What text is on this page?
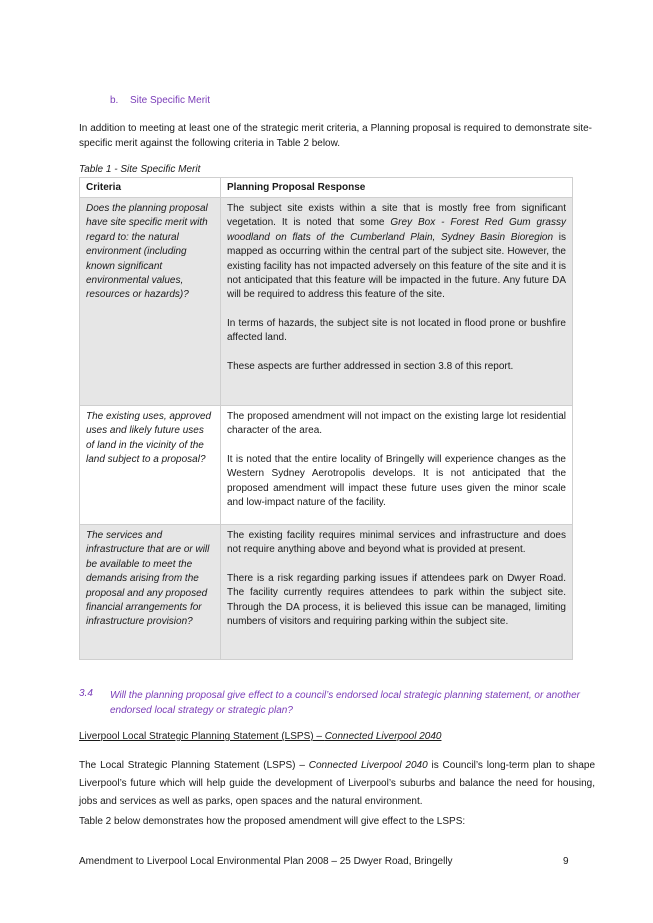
b. Site Specific Merit
In addition to meeting at least one of the strategic merit criteria, a Planning proposal is required to demonstrate site-specific merit against the following criteria in Table 2 below.
Table 1 - Site Specific Merit
Criteria	Planning Proposal Response
Does the planning proposal have site specific merit with regard to: the natural environment (including known significant environmental values, resources or hazards)?	The subject site exists within a site that is mostly free from significant vegetation. It is noted that some Grey Box - Forest Red Gum grassy woodland on flats of the Cumberland Plain, Sydney Basin Bioregion is mapped as occurring within the central part of the subject site. However, the existing facility has not impacted adversely on this feature of the site and it is not anticipated that this feature will be impacted in the future. Any future DA will be required to address this feature of the site.
In terms of hazards, the subject site is not located in flood prone or bushfire affected land.
These aspects are further addressed in section 3.8 of this report.

The existing uses, approved uses and likely future uses of land in the vicinity of the land subject to a proposal?	The proposed amendment will not impact on the existing large lot residential character of the area.
It is noted that the entire locality of Bringelly will experience changes as the Western Sydney Aerotropolis develops. It is not anticipated that the proposed amendment will impact these future uses given the minor scale and low-impact nature of the facility.

The services and infrastructure that are or will be available to meet the demands arising from the proposal and any proposed financial arrangements for infrastructure provision?	The existing facility requires minimal services and infrastructure and does not require anything above and beyond what is provided at present.
There is a risk regarding parking issues if attendees park on Dwyer Road. The facility currently requires attendees to park within the subject site. Through the DA process, it is believed this issue can be managed, limiting numbers of visitors and requiring parking within the subject site.
3.4 Will the planning proposal give effect to a council’s endorsed local strategic planning statement, or another endorsed local strategy or strategic plan?
Liverpool Local Strategic Planning Statement (LSPS) – Connected Liverpool 2040
The Local Strategic Planning Statement (LSPS) – Connected Liverpool 2040 is Council’s long-term plan to shape Liverpool’s future which will help guide the development of Liverpool’s suburbs and balance the need for housing, jobs and services as well as parks, open spaces and the natural environment.
Table 2 below demonstrates how the proposed amendment will give effect to the LSPS:
Amendment to Liverpool Local Environmental Plan 2008 – 25 Dwyer Road, Bringelly	9
